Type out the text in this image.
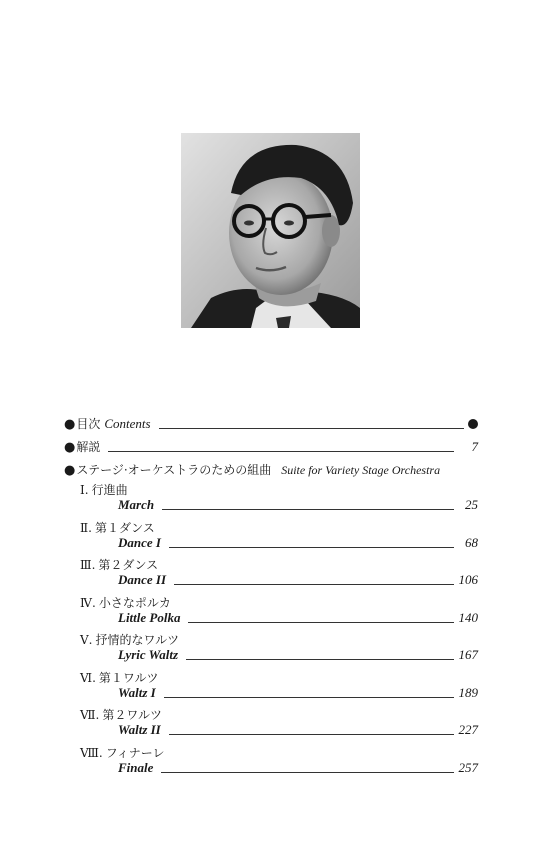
● 目次 Contents
● 解説	7
● ステージ·オーケストラのための組曲 Suite for Variety Stage Orchestra
Ⅰ. 行進曲
March	25
Ⅱ. 第１ダンス
Dance I	68
Ⅲ. 第２ダンス
Dance II	106
Ⅳ. 小さなポルカ
Little Polka	140
Ⅴ. 抒情的なワルツ
Lyric Waltz	167
Ⅵ. 第１ワルツ
Waltz I	189
Ⅶ. 第２ワルツ
Waltz II	227
Ⅷ. フィナーレ
Finale	257
